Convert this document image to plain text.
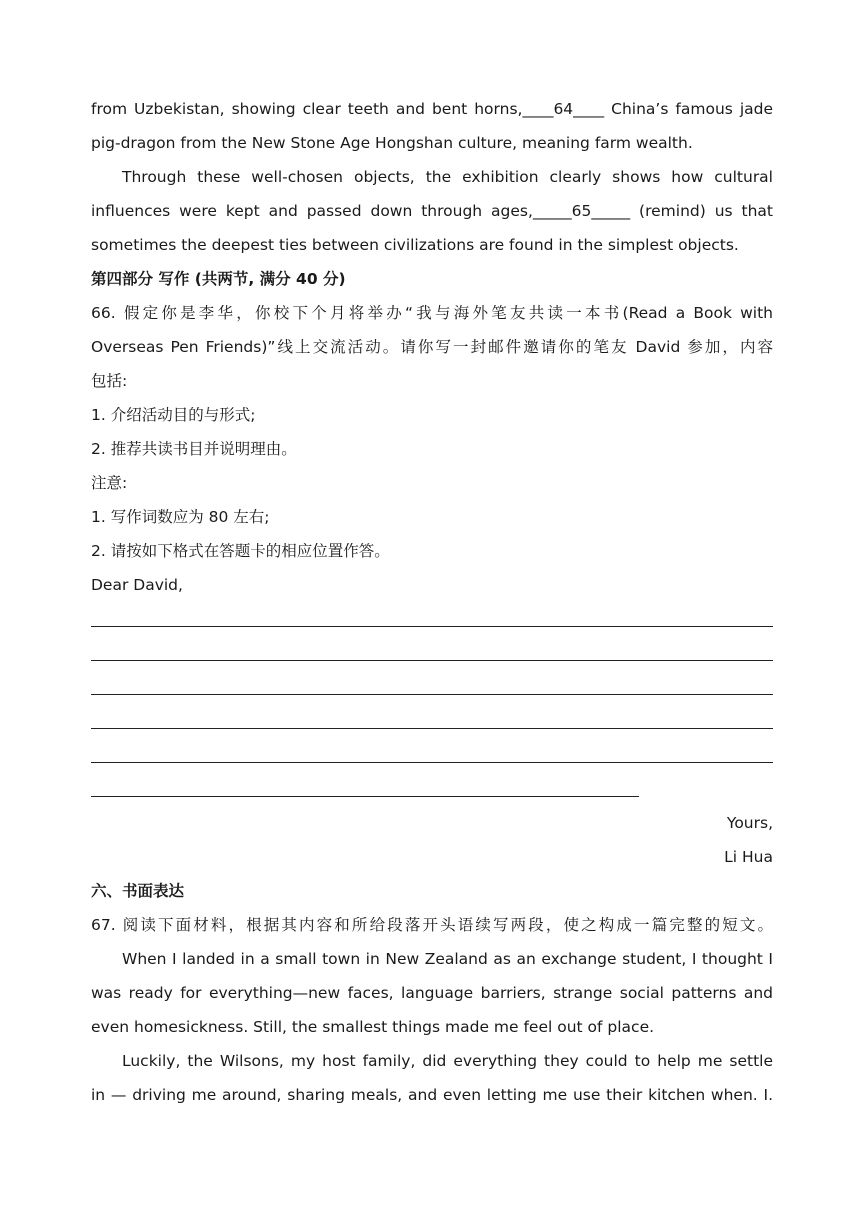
from Uzbekistan, showing clear teeth and bent horns,____64____ China’s famous jade
pig-dragon from the New Stone Age Hongshan culture, meaning farm wealth.
Through these well-chosen objects, the exhibition clearly shows how cultural
influences were kept and passed down through ages,_____65_____ (remind) us that
sometimes the deepest ties between civilizations are found in the simplest objects.
第四部分 写作 (共两节, 满分 40 分)
66. 假定你是李华，你校下个月将举办“我与海外笔友共读一本书(Read a Book with
Overseas Pen Friends)”线上交流活动。请你写一封邮件邀请你的笔友 David 参加，内容
包括:
1. 介绍活动目的与形式;
2. 推荐共读书目并说明理由。
注意:
1. 写作词数应为 80 左右;
2. 请按如下格式在答题卡的相应位置作答。
Dear David,
Yours,
Li Hua
六、书面表达
67. 阅读下面材料，根据其内容和所给段落开头语续写两段，使之构成一篇完整的短文。
When I landed in a small town in New Zealand as an exchange student, I thought I
was ready for everything—new faces, language barriers, strange social patterns and
even homesickness. Still, the smallest things made me feel out of place.
Luckily, the Wilsons, my host family, did everything they could to help me settle
in — driving me around, sharing meals, and even letting me use their kitchen when. I.
